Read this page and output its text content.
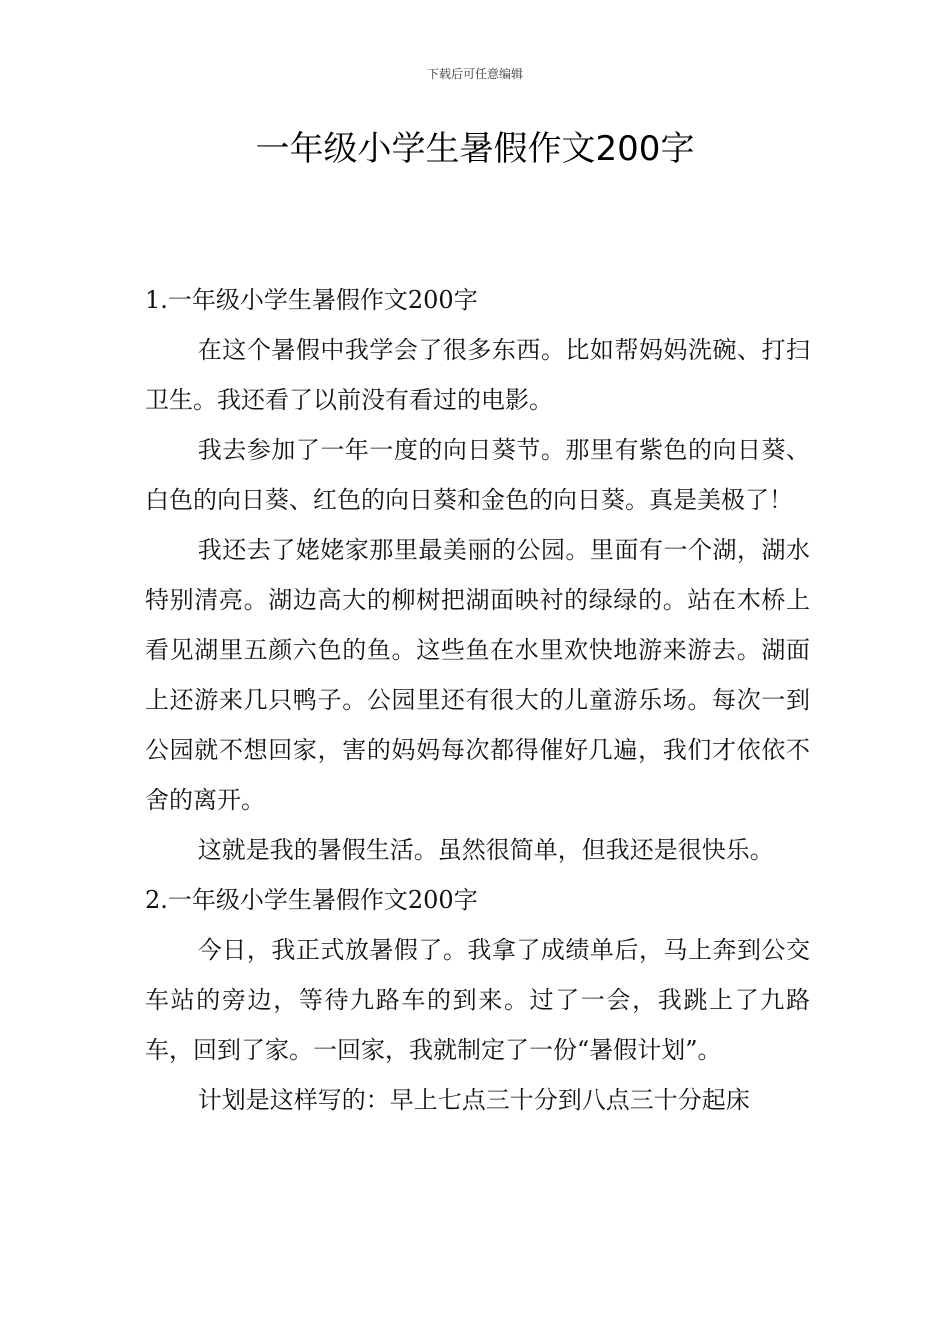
下载后可任意编辑
一年级小学生暑假作文200字

1.一年级小学生暑假作文200字

在这个暑假中我学会了很多东西。比如帮妈妈洗碗、打扫卫生。我还看了以前没有看过的电影。

我去参加了一年一度的向日葵节。那里有紫色的向日葵、白色的向日葵、红色的向日葵和金色的向日葵。真是美极了！

我还去了姥姥家那里最美丽的公园。里面有一个湖，湖水特别清亮。湖边高大的柳树把湖面映衬的绿绿的。站在木桥上看见湖里五颜六色的鱼。这些鱼在水里欢快地游来游去。湖面上还游来几只鸭子。公园里还有很大的儿童游乐场。每次一到公园就不想回家，害的妈妈每次都得催好几遍，我们才依依不舍的离开。

这就是我的暑假生活。虽然很简单，但我还是很快乐。

2.一年级小学生暑假作文200字

今日，我正式放暑假了。我拿了成绩单后，马上奔到公交车站的旁边，等待九路车的到来。过了一会，我跳上了九路车，回到了家。一回家，我就制定了一份“暑假计划”。

计划是这样写的：早上七点三十分到八点三十分起床
